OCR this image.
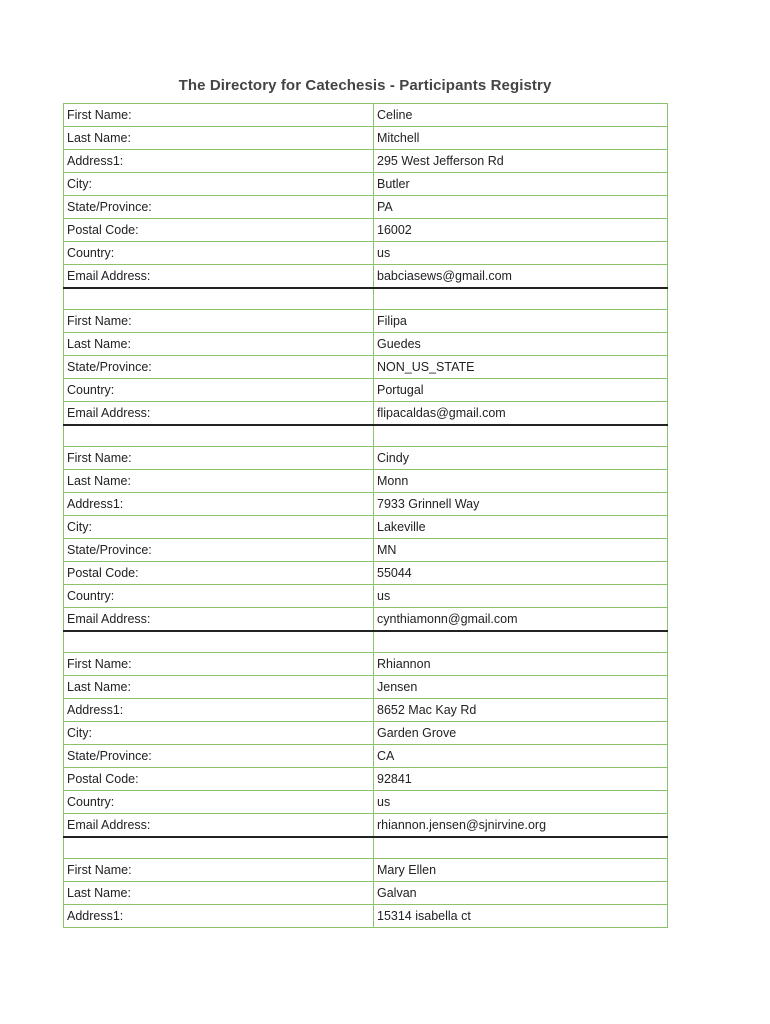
The Directory for Catechesis - Participants Registry
First Name:	Celine
Last Name:	Mitchell
Address1:	295 West Jefferson Rd
City:	Butler
State/Province:	PA
Postal Code:	16002
Country:	us
Email Address:	babciasews@gmail.com

First Name:	Filipa
Last Name:	Guedes
State/Province:	NON_US_STATE
Country:	Portugal
Email Address:	flipacaldas@gmail.com

First Name:	Cindy
Last Name:	Monn
Address1:	7933 Grinnell Way
City:	Lakeville
State/Province:	MN
Postal Code:	55044
Country:	us
Email Address:	cynthiamonn@gmail.com

First Name:	Rhiannon
Last Name:	Jensen
Address1:	8652 Mac Kay Rd
City:	Garden Grove
State/Province:	CA
Postal Code:	92841
Country:	us
Email Address:	rhiannon.jensen@sjnirvine.org

First Name:	Mary Ellen
Last Name:	Galvan
Address1:	15314 isabella ct
